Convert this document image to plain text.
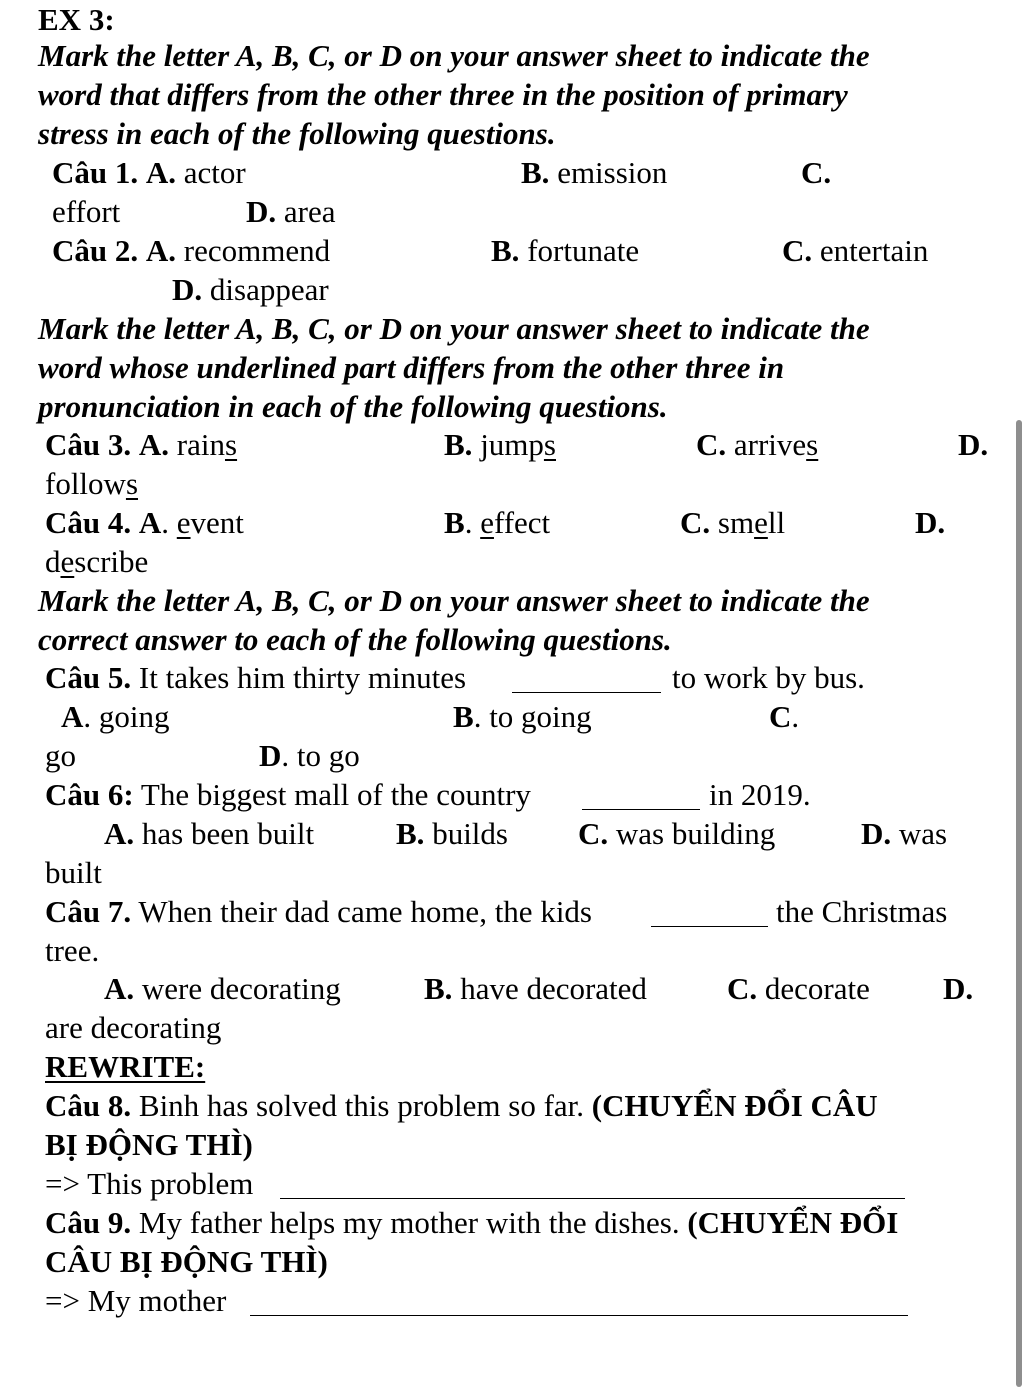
EX 3:
Mark the letter A, B, C, or D on your answer sheet to indicate the
word that differs from the other three in the position of primary
stress in each of the following questions.
Câu 1. A. actor	B. emission	C.
effort	D. area
Câu 2. A. recommend	B. fortunate	C. entertain
D. disappear
Mark the letter A, B, C, or D on your answer sheet to indicate the
word whose underlined part differs from the other three in
pronunciation in each of the following questions.
Câu 3. A. rains	B. jumps	C. arrives	D.
follows
Câu 4. A. event	B. effect	C. smell	D.
describe
Mark the letter A, B, C, or D on your answer sheet to indicate the
correct answer to each of the following questions.
Câu 5. It takes him thirty minutes	to work by bus.
A. going	B. to going	C.
go	D. to go
Câu 6: The biggest mall of the country	in 2019.
A. has been built	B. builds C. was building	D. was
built
Câu 7. When their dad came home, the kids	the Christmas
tree.
A. were decorating	B. have decorated	C. decorate D.
are decorating
REWRITE:
Câu 8. Binh has solved this problem so far. (CHUYỂN ĐỔI CÂU
BỊ ĐỘNG THÌ)
=> This problem
Câu 9. My father helps my mother with the dishes. (CHUYỂN ĐỔI
CÂU BỊ ĐỘNG THÌ)
=> My mother
